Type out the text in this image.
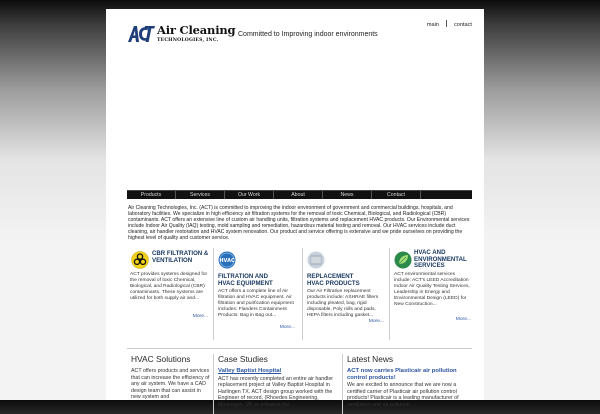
Air Cleaning
TECHNOLOGIES, INC.
Committed to Improving indoor environments
main	contact
Products	Services	Our Work	About	News	Contact
Air Cleaning Technologies, Inc. (ACT) is committed to improving the indoor environment of government and commercial buildings, hospitals, and laboratory facilities. We specialize in high efficiency air filtration systems for the removal of toxic Chemical, Biological, and Radiological (CBR) contaminants. ACT offers an extensive line of custom air handling units, filtration systems and replacement HVAC products. Our Environmental services include Indoor Air Quality (IAQ) testing, mold sampling and remediation, hazardous material testing and removal. Our HVAC services include duct cleaning, air handler restoration and HVAC system renovation. Our product and service offering is extensive and we pride ourselves on providing the highest level of quality and customer service.
CBR FILTRATION &
VENTILATION
ACT provides systems designed for the removal of toxic Chemical, Biological, and Radiological (CBR) contaminants. These systems are utilized for both supply air and...
More...
HVAC
FILTRATION AND
HVAC EQUIPMENT
ACT offers a complete line of Air filtration and HVAC equipment. Air filtration and purification equipment includes: Flanders Containment Products: Bag in Bag out...
More...
REPLACEMENT
HVAC PRODUCTS
Our Air Filtration replacement products include: ASHRAE filters including pleated, bag, rigid disposable, Poly rolls and pads, HEPA filters including gasket...
More...
HVAC AND
ENVIRONMENTAL
SERVICES
ACT environmental services include: ACT's LEED Accreditation Indoor Air Quality Testing Services, Leadership in Energy and Environmental Design (LEED) for New Construction...
More...
HVAC Solutions
ACT offers products and services that can increase the efficiency of any air system. We have a CAD design team that can assist in new system and
Case Studies
Valley Baptist Hospital
ACT has recently completed an entire air handler replacement project at Valley Baptist Hospital in Harlingen TX. ACT design group worked with the Engineer of record, (Rhoedes Engineering, Muskegon, MI) to enhance the
Latest News
ACT now carries Plasticair air pollution control products!
We are excited to announce that we are now a certified carrier of Plasticair air pollution control products! Plasticair is a leading manufacturer of ventilation and air pollution
